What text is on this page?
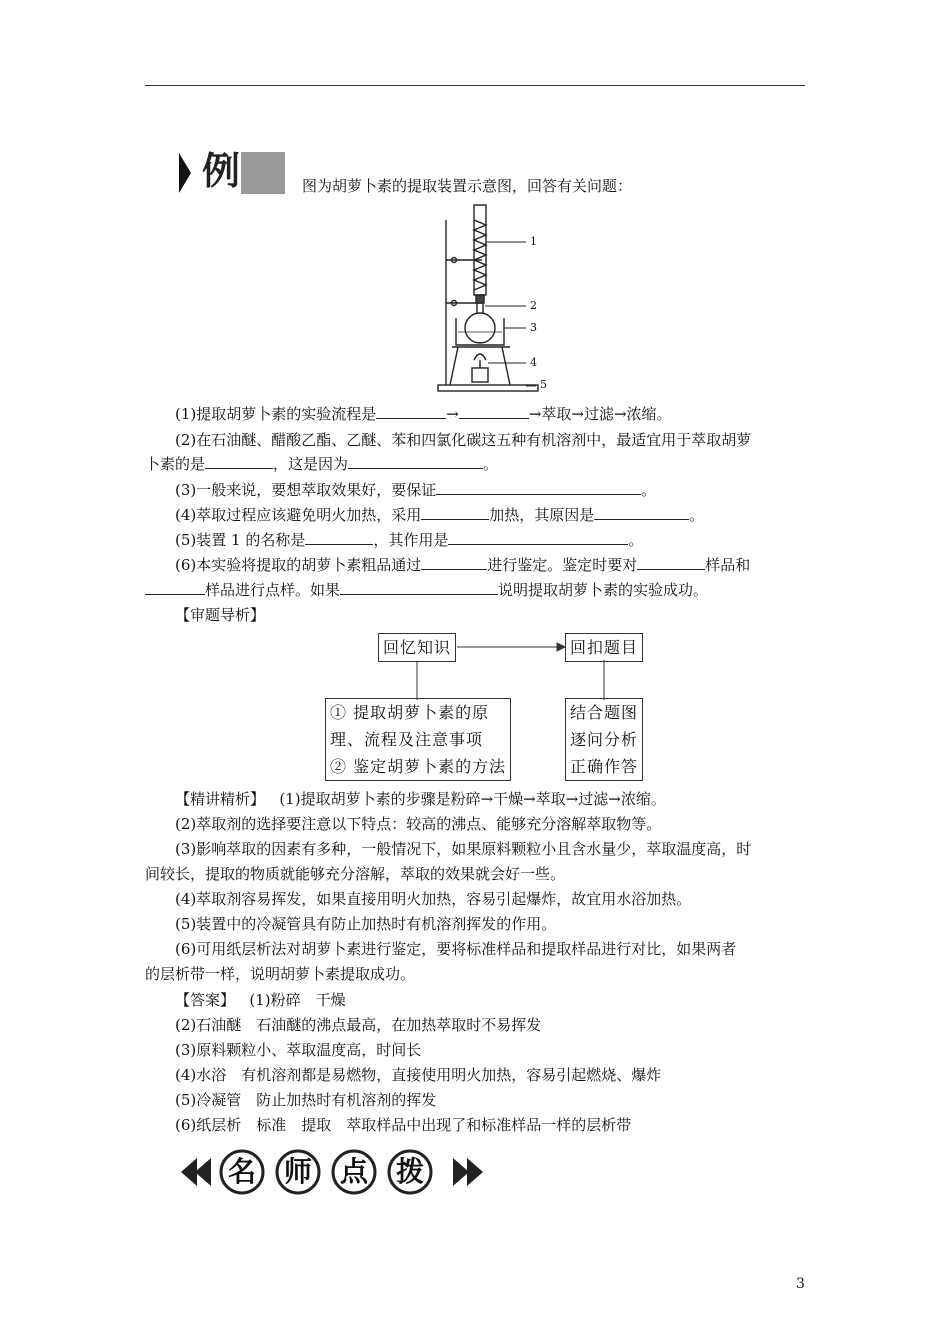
例	图为胡萝卜素的提取装置示意图，回答有关问题：
1
2
3
4
5
(1)提取胡萝卜素的实验流程是	→	→萃取→过滤→浓缩。
(2)在石油醚、醋酸乙酯、乙醚、苯和四氯化碳这五种有机溶剂中，最适宜用于萃取胡萝
卜素的是	，这是因为	。
(3)一般来说，要想萃取效果好，要保证	。
(4)萃取过程应该避免明火加热，采用	加热，其原因是	。
(5)装置 1 的名称是	，其作用是	。
(6)本实验将提取的胡萝卜素粗品通过	进行鉴定。鉴定时要对	样品和
样品进行点样。如果	说明提取胡萝卜素的实验成功。
【审题导析】
回忆知识	回扣题目
① 提取胡萝卜素的原
理、流程及注意事项
② 鉴定胡萝卜素的方法
结合题图
逐问分析
正确作答
【精讲精析】 (1)提取胡萝卜素的步骤是粉碎→干燥→萃取→过滤→浓缩。
(2)萃取剂的选择要注意以下特点：较高的沸点、能够充分溶解萃取物等。
(3)影响萃取的因素有多种，一般情况下，如果原料颗粒小且含水量少，萃取温度高，时
间较长，提取的物质就能够充分溶解，萃取的效果就会好一些。
(4)萃取剂容易挥发，如果直接用明火加热，容易引起爆炸，故宜用水浴加热。
(5)装置中的冷凝管具有防止加热时有机溶剂挥发的作用。
(6)可用纸层析法对胡萝卜素进行鉴定，要将标准样品和提取样品进行对比，如果两者
的层析带一样，说明胡萝卜素提取成功。
【答案】 (1)粉碎　干燥
(2)石油醚　石油醚的沸点最高，在加热萃取时不易挥发
(3)原料颗粒小、萃取温度高，时间长
(4)水浴　有机溶剂都是易燃物，直接使用明火加热，容易引起燃烧、爆炸
(5)冷凝管　防止加热时有机溶剂的挥发
(6)纸层析　标准　提取　萃取样品中出现了和标准样品一样的层析带
名 师 点 拨
3
